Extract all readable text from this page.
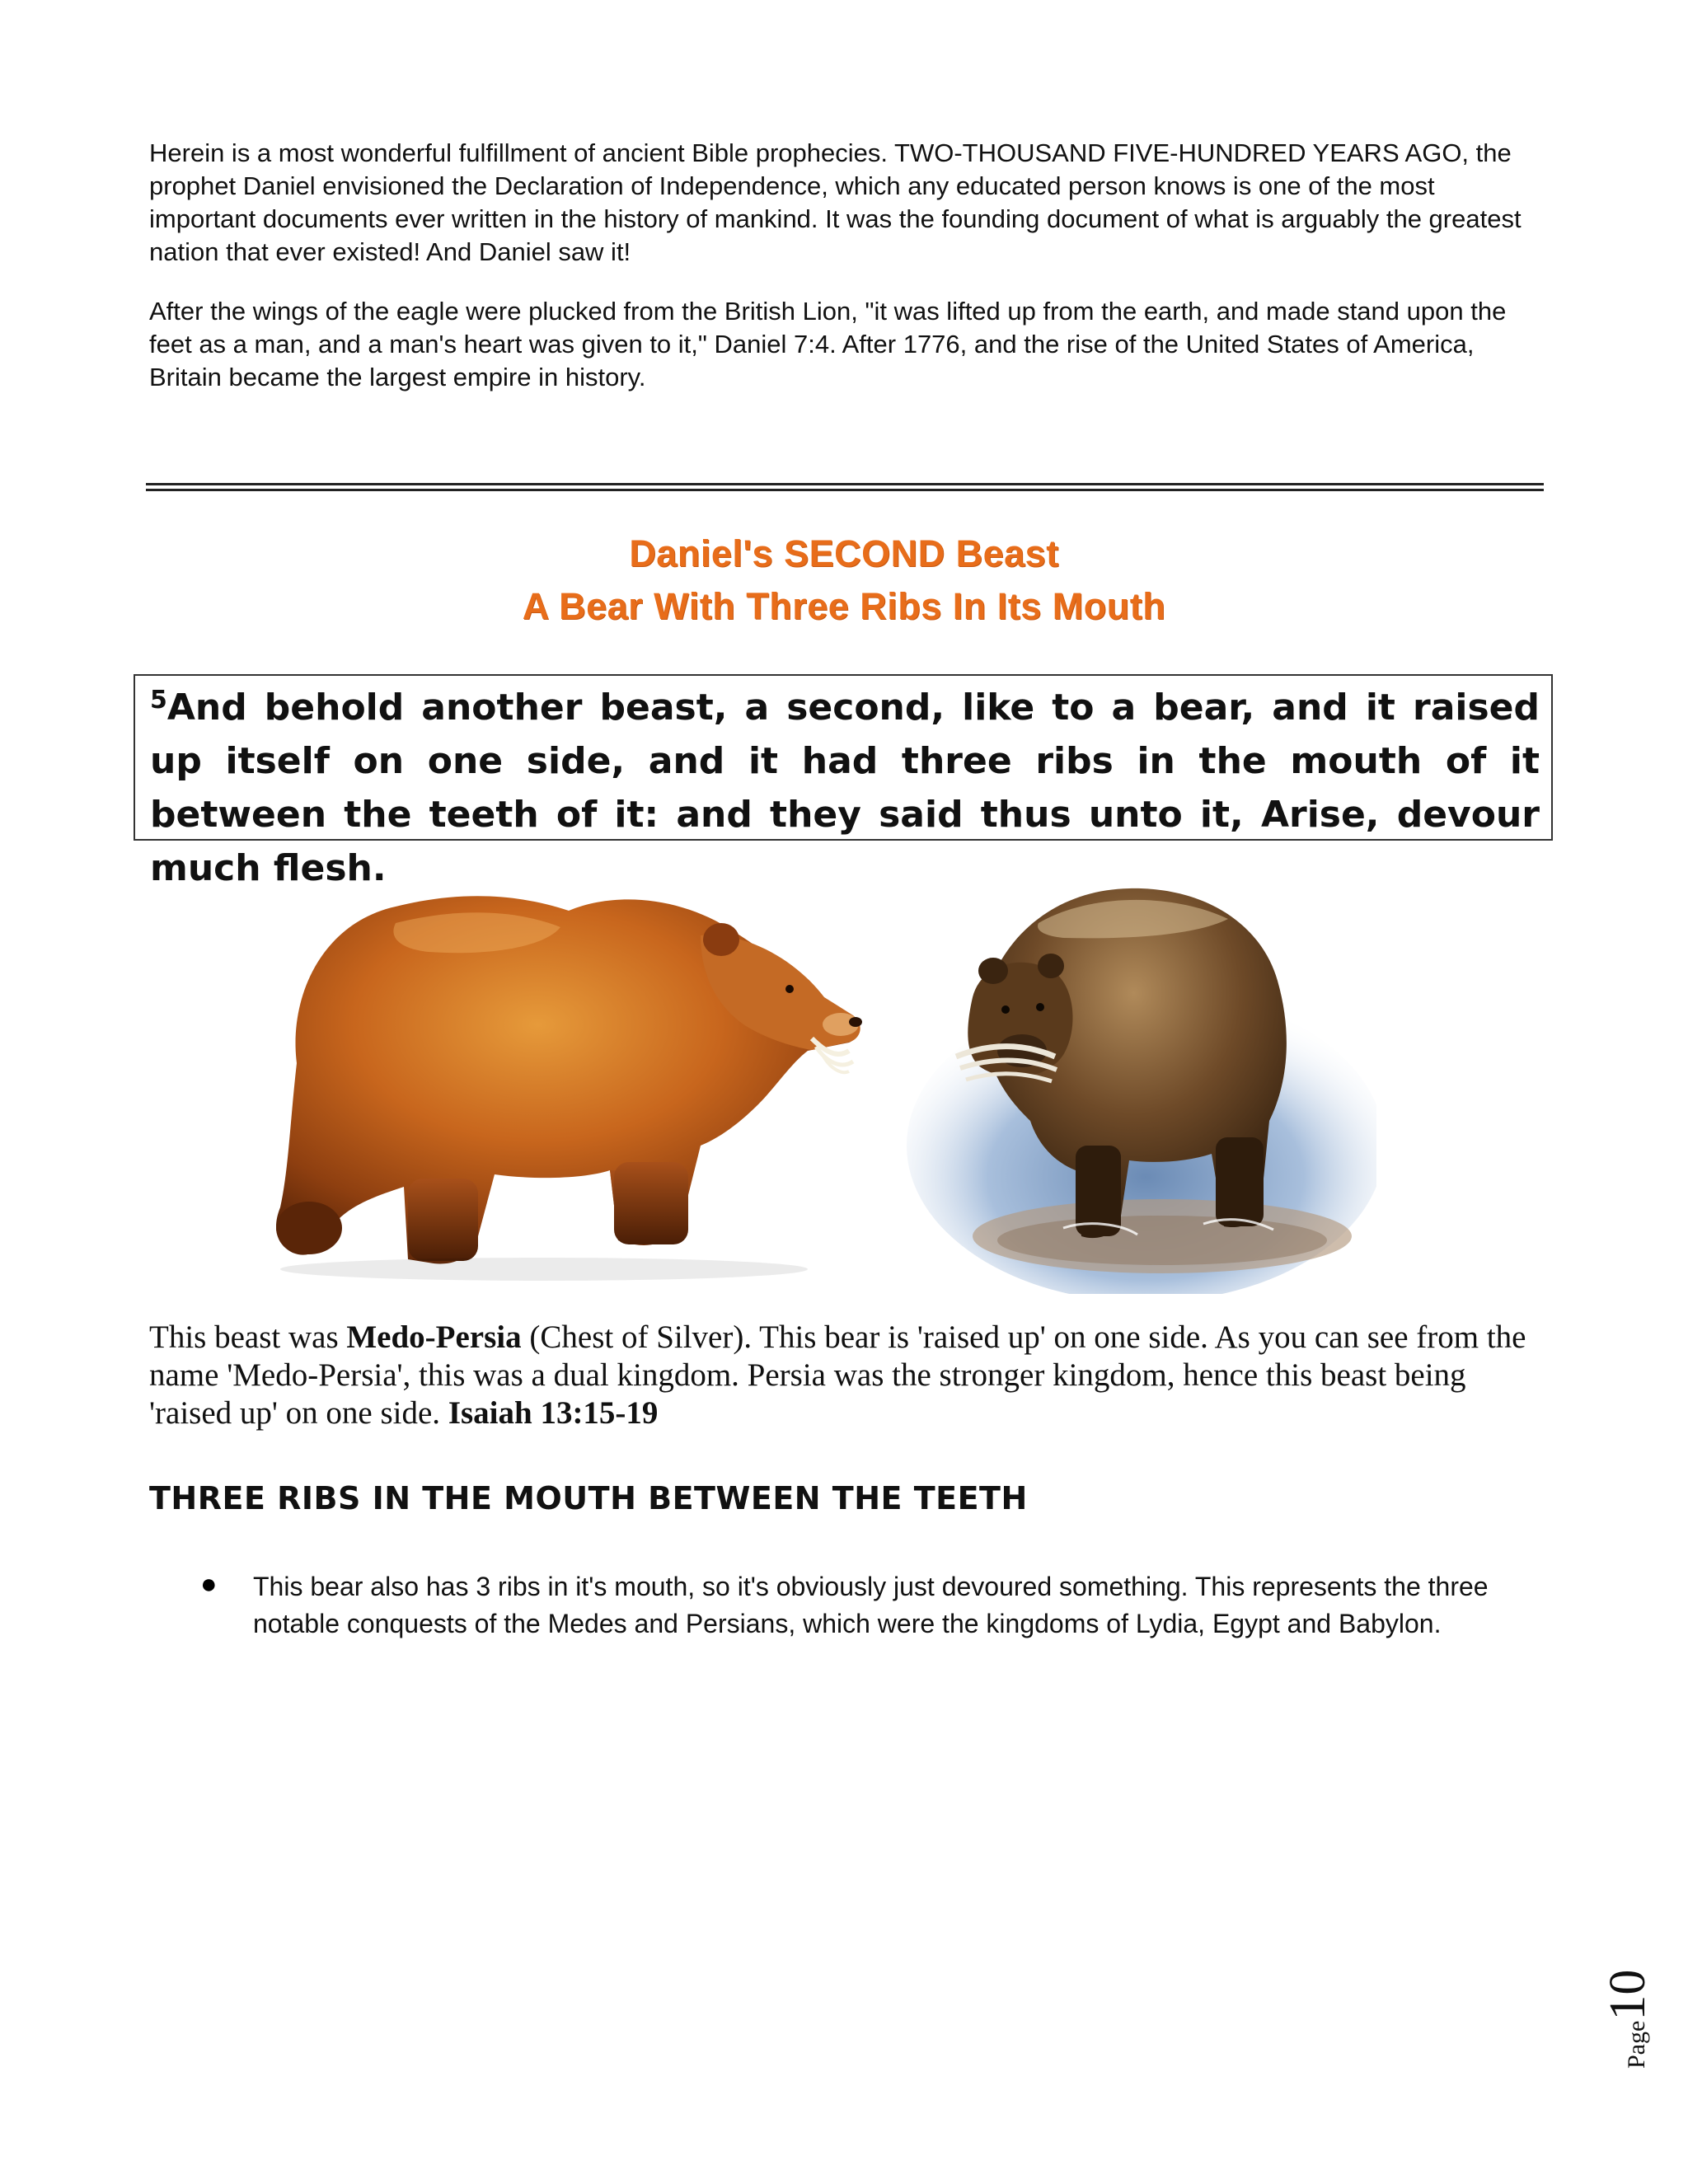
Herein is a most wonderful fulfillment of ancient Bible prophecies. TWO-THOUSAND FIVE-HUNDRED YEARS AGO, the prophet Daniel envisioned the Declaration of Independence, which any educated person knows is one of the most important documents ever written in the history of mankind. It was the founding document of what is arguably the greatest nation that ever existed! And Daniel saw it!
After the wings of the eagle were plucked from the British Lion, "it was lifted up from the earth, and made stand upon the feet as a man, and a man's heart was given to it," Daniel 7:4. After 1776, and the rise of the United States of America, Britain became the largest empire in history.
Daniel's SECOND Beast
A Bear With Three Ribs In Its Mouth
$^5$And behold another beast, a second, like to a bear, and it raised up itself on one side, and it had three ribs in the mouth of it between the teeth of it: and they said thus unto it, Arise, devour much flesh.
This beast was Medo-Persia (Chest of Silver). This bear is 'raised up' on one side. As you can see from the name 'Medo-Persia', this was a dual kingdom. Persia was the stronger kingdom, hence this beast being 'raised up' on one side. Isaiah 13:15-19
THREE RIBS IN THE MOUTH BETWEEN THE TEETH
● This bear also has 3 ribs in it's mouth, so it's obviously just devoured something. This represents the three notable conquests of the Medes and Persians, which were the kingdoms of Lydia, Egypt and Babylon.
Page10
